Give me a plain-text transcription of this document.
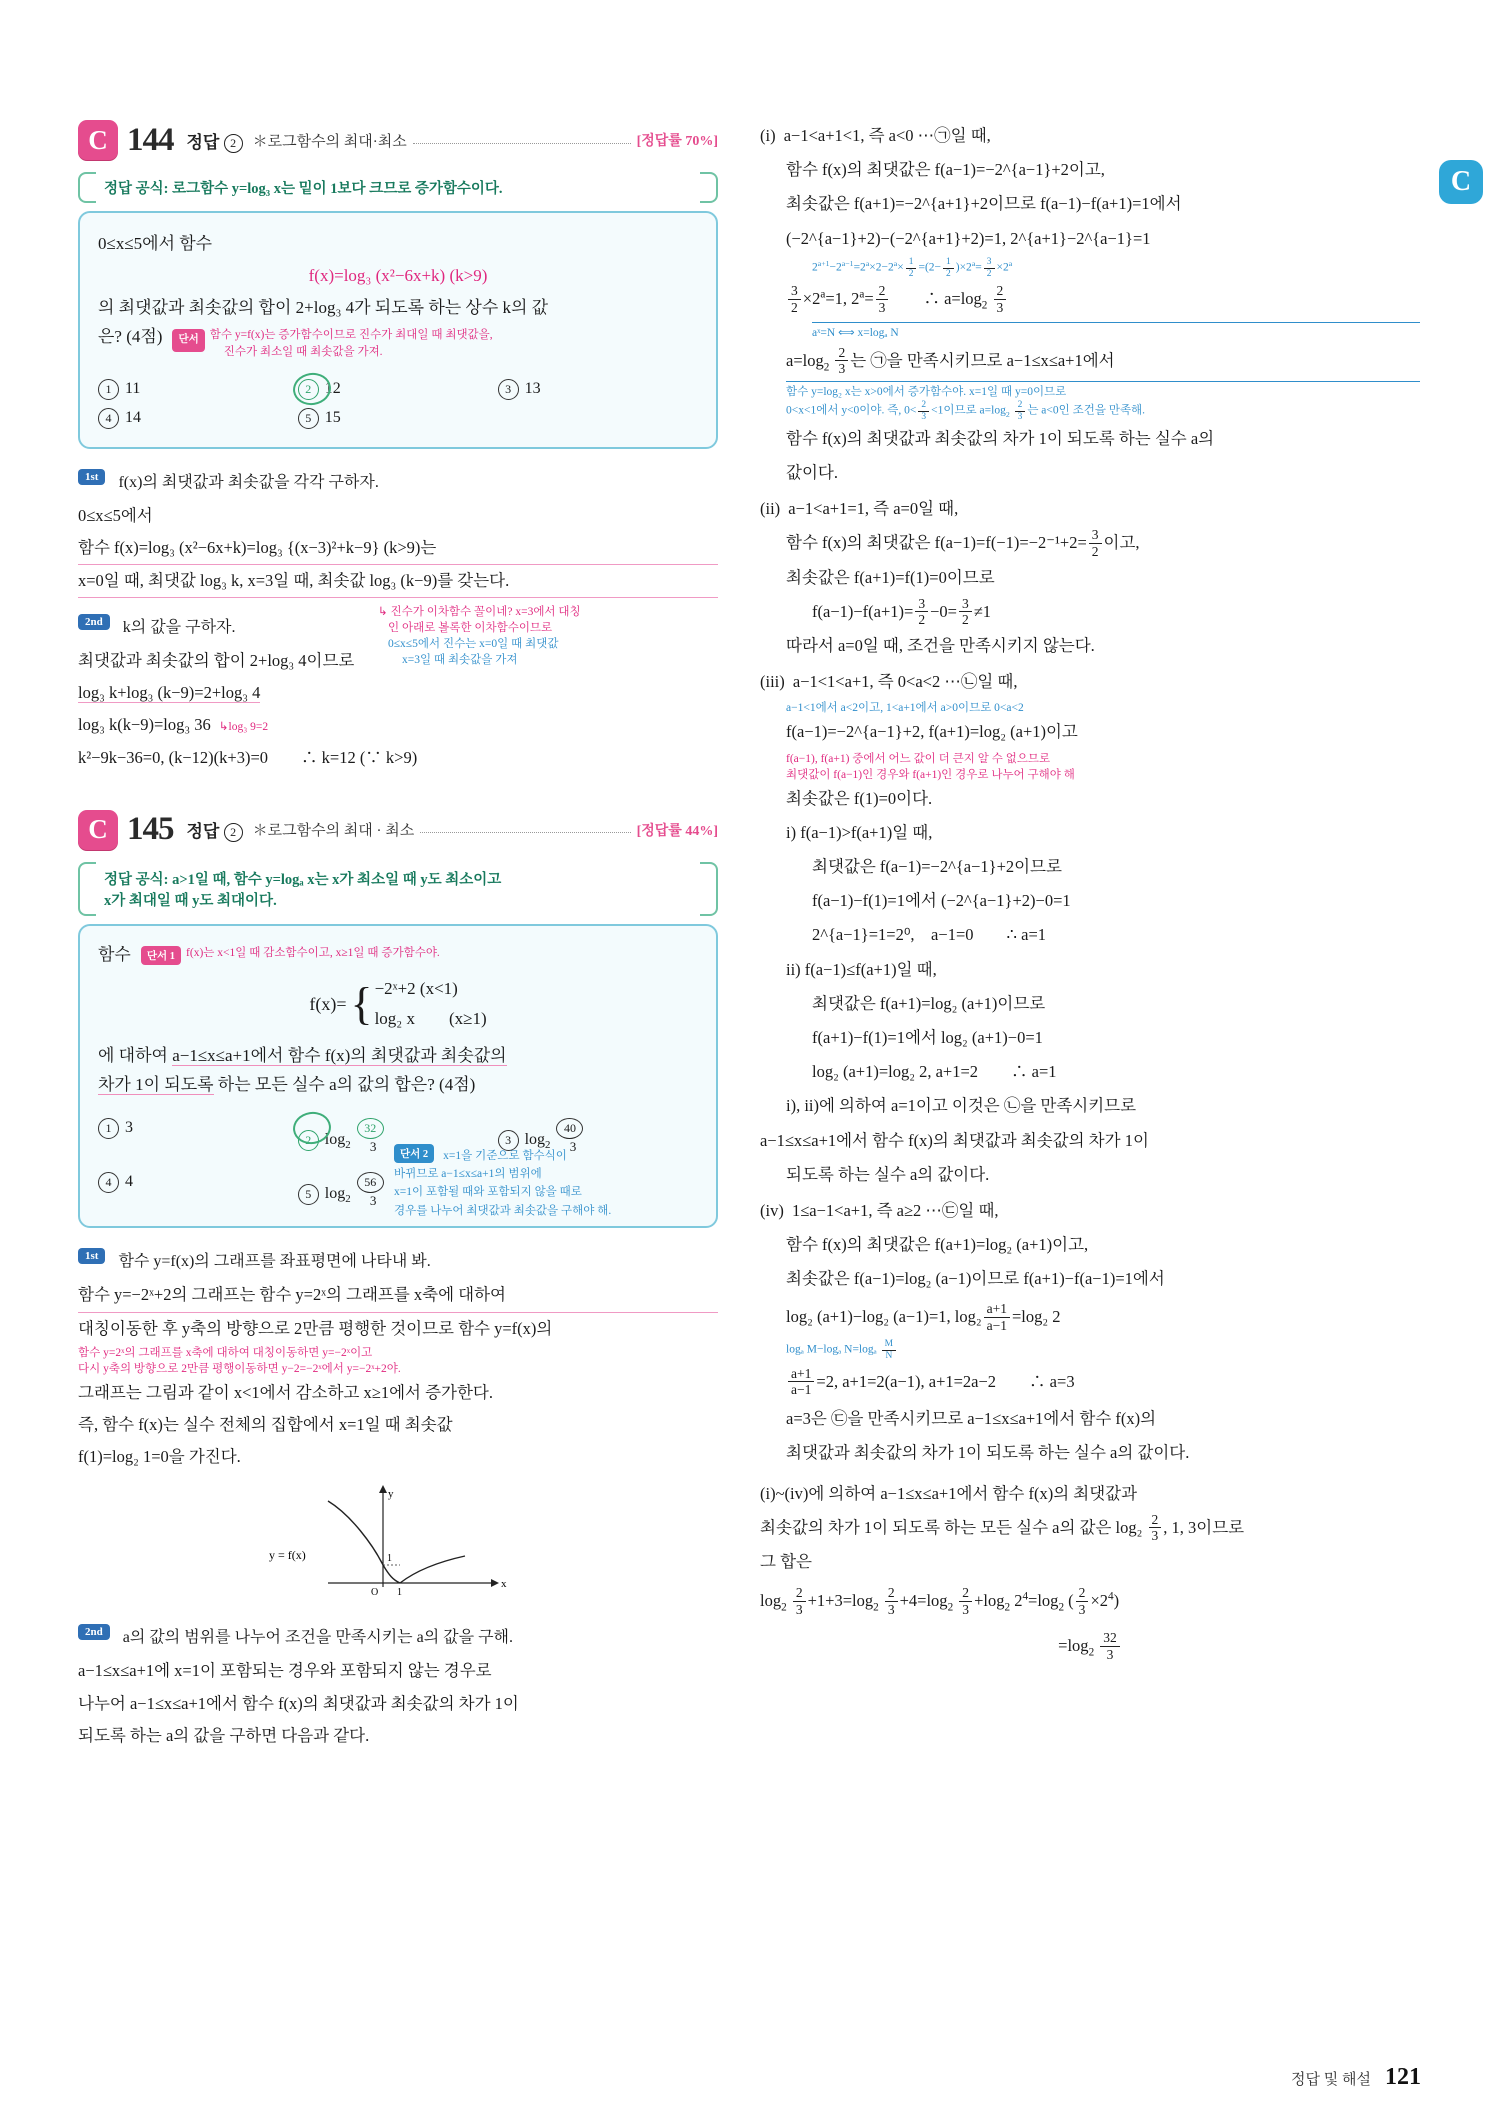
C
C 144 정답 2	＊로그함수의 최대·최소	[정답률 70%]
정답 공식: 로그함수 y=log₃ x는 밑이 1보다 크므로 증가함수이다.
0≤x≤5에서 함수
f(x)=log₃ (x²−6x+k) (k>9)
의 최댓값과 최솟값의 합이 2+log₃ 4가 되도록 하는 상수 k의 값
은? (4점)	단서 함수 y=f(x)는 증가함수이므로 진수가 최대일 때 최댓값을,
진수가 최소일 때 최솟값을 가져.
1 11	2 12	3 13
4 14	5 15
1st	f(x)의 최댓값과 최솟값을 각각 구하자.
0≤x≤5에서
함수 f(x)=log₃ (x²−6x+k)=log₃ {(x−3)²+k−9} (k>9)는
x=0일 때, 최댓값 log₃ k, x=3일 때, 최솟값 log₃ (k−9)를 갖는다.
2nd	k의 값을 구하자.
↳ 진수가 이차함수 꼴이네? x=3에서 대칭
인 아래로 볼록한 이차함수이므로
0≤x≤5에서 진수는 x=0일 때 최댓값
x=3일 때 최솟값을 가져
최댓값과 최솟값의 합이 2+log₃ 4이므로
log₃ k+log₃ (k−9)=2+log₃ 4
log₃ k(k−9)=log₃ 36 ↳log₃ 9=2
k²−9k−36=0, (k−12)(k+3)=0　　∴ k=12 (∵ k>9)
C 145 정답 2	＊로그함수의 최대 · 최소	[정답률 44%]
정답 공식: a>1일 때, 함수 y=logₐ x는 x가 최소일 때 y도 최소이고
x가 최대일 때 y도 최대이다.
함수	단서 1 f(x)는 x<1일 때 감소함수이고, x≥1일 때 증가함수야.
f(x)= { −2ˣ+2 (x<1)
log₂ x　　(x≥1)
에 대하여 a−1≤x≤a+1에서 함수 f(x)의 최댓값과 최솟값의
차가 1이 되도록 하는 모든 실수 a의 값의 합은? (4점)
1 3
2 $\log_2 \frac{32}{3}$	3 $\log_2 \frac{40}{3}$
4 4
5 $\log_2 \frac{56}{3}$
단서 2 x=1을 기준으로 함수식이
바뀌므로 a−1≤x≤a+1의 범위에
x=1이 포함될 때와 포함되지 않을 때로
경우를 나누어 최댓값과 최솟값을 구해야 해.
1st	함수 y=f(x)의 그래프를 좌표평면에 나타내 봐.
함수 y=−2ˣ+2의 그래프는 함수 y=2ˣ의 그래프를 x축에 대하여
대칭이동한 후 y축의 방향으로 2만큼 평행한 것이므로 함수 y=f(x)의
함수 y=2ˣ의 그래프를 x축에 대하여 대칭이동하면 y=−2ˣ이고
다시 y축의 방향으로 2만큼 평행이동하면 y−2=−2ˣ에서 y=−2ˣ+2야.
그래프는 그림과 같이 x<1에서 감소하고 x≥1에서 증가한다.
즉, 함수 f(x)는 실수 전체의 집합에서 x=1일 때 최솟값
f(1)=log₂ 1=0을 가진다.
y
x
O 1
1
y = f(x)
2nd	a의 값의 범위를 나누어 조건을 만족시키는 a의 값을 구해.
a−1≤x≤a+1에 x=1이 포함되는 경우와 포함되지 않는 경우로
나누어 a−1≤x≤a+1에서 함수 f(x)의 최댓값과 최솟값의 차가 1이
되도록 하는 a의 값을 구하면 다음과 같다.
(i) a−1<a+1<1, 즉 a<0 ⋯㉠일 때,
함수 f(x)의 최댓값은 f(a−1)=−2^{a−1}+2이고,
최솟값은 f(a+1)=−2^{a+1}+2이므로 f(a−1)−f(a+1)=1에서
(−2^{a−1}+2)−(−2^{a+1}+2)=1, 2^{a+1}−2^{a−1}=1
$2^{a+1}-2^{a-1}=2^a\times 2-2^a\times \frac{1}{2} =(2- \frac{1}{2} )\times 2^a= \frac{3}{2} \times 2^a$
$\frac{3}{2} \times 2^a=1$, $2^a= \frac{2}{3}$ 　　∴ $a=\log_2 \frac{2}{3}$
aˣ=N ⟺ x=logₐ N
$a=\log_2 \frac{2}{3}$ 는 ㉠을 만족시키므로 a−1≤x≤a+1에서
함수 y=log₂ x는 x>0에서 증가함수야. x=1일 때 y=0이므로
0<x<1에서 y<0이야. 즉, $0< \frac{2}{3} <1$이므로 $a=\log_2 \frac{2}{3}$ 는 a<0인 조건을 만족해.
함수 f(x)의 최댓값과 최솟값의 차가 1이 되도록 하는 실수 a의
값이다.
(ii) a−1<a+1=1, 즉 a=0일 때,
함수 f(x)의 최댓값은 $f(a-1)=f(-1)=-2^{-1}+2= \frac{3}{2}$ 이고,
최솟값은 f(a+1)=f(1)=0이므로
$f(a-1)-f(a+1)= \frac{3}{2} -0= \frac{3}{2} \ne 1$
따라서 a=0일 때, 조건을 만족시키지 않는다.
(iii) a−1<1<a+1, 즉 0<a<2 ⋯㉡일 때,
a−1<1에서 a<2이고, 1<a+1에서 a>0이므로 0<a<2
f(a−1)=−2^{a−1}+2, f(a+1)=log₂ (a+1)이고
f(a−1), f(a+1) 중에서 어느 값이 더 큰지 알 수 없으므로
최댓값이 f(a−1)인 경우와 f(a+1)인 경우로 나누어 구해야 해
최솟값은 f(1)=0이다.
i) f(a−1)>f(a+1)일 때,
최댓값은 f(a−1)=−2^{a−1}+2이므로
f(a−1)−f(1)=1에서 (−2^{a−1}+2)−0=1
2^{a−1}=1=2⁰,　a−1=0　　∴ a=1
ii) f(a−1)≤f(a+1)일 때,
최댓값은 f(a+1)=log₂ (a+1)이므로
f(a+1)−f(1)=1에서 log₂ (a+1)−0=1
log₂ (a+1)=log₂ 2, a+1=2　　∴ a=1
i), ii)에 의하여 a=1이고 이것은 ㉡을 만족시키므로
a−1≤x≤a+1에서 함수 f(x)의 최댓값과 최솟값의 차가 1이
되도록 하는 실수 a의 값이다.
(iv) 1≤a−1<a+1, 즉 a≥2 ⋯㉢일 때,
함수 f(x)의 최댓값은 f(a+1)=log₂ (a+1)이고,
최솟값은 f(a−1)=log₂ (a−1)이므로 f(a+1)−f(a−1)=1에서
log₂ (a+1)−log₂ (a−1)=1, $\log_2 \frac{a+1}{a-1} =\log_2$ 2
logₐ M−logₐ $N=\log_a \frac{M}{N}$
$\frac{a+1}{a-1} =2$, a+1=2(a−1), a+1=2a−2　　∴ a=3
a=3은 ㉢을 만족시키므로 a−1≤x≤a+1에서 함수 f(x)의
최댓값과 최솟값의 차가 1이 되도록 하는 실수 a의 값이다.
(i)~(iv)에 의하여 a−1≤x≤a+1에서 함수 f(x)의 최댓값과
최솟값의 차가 1이 되도록 하는 모든 실수 a의 값은 $\log_2 \frac{2}{3}$ , 1, 3이므로
그 합은
$\log_2 \frac{2}{3} +1+3=\log_2 \frac{2}{3} +4=\log_2 \frac{2}{3} +\log_2$ $2^4=\log_2$ ( $\frac{2}{3} \times 2^4$)
$=\log_2 \frac{32}{3}$
정답 및 해설 121
